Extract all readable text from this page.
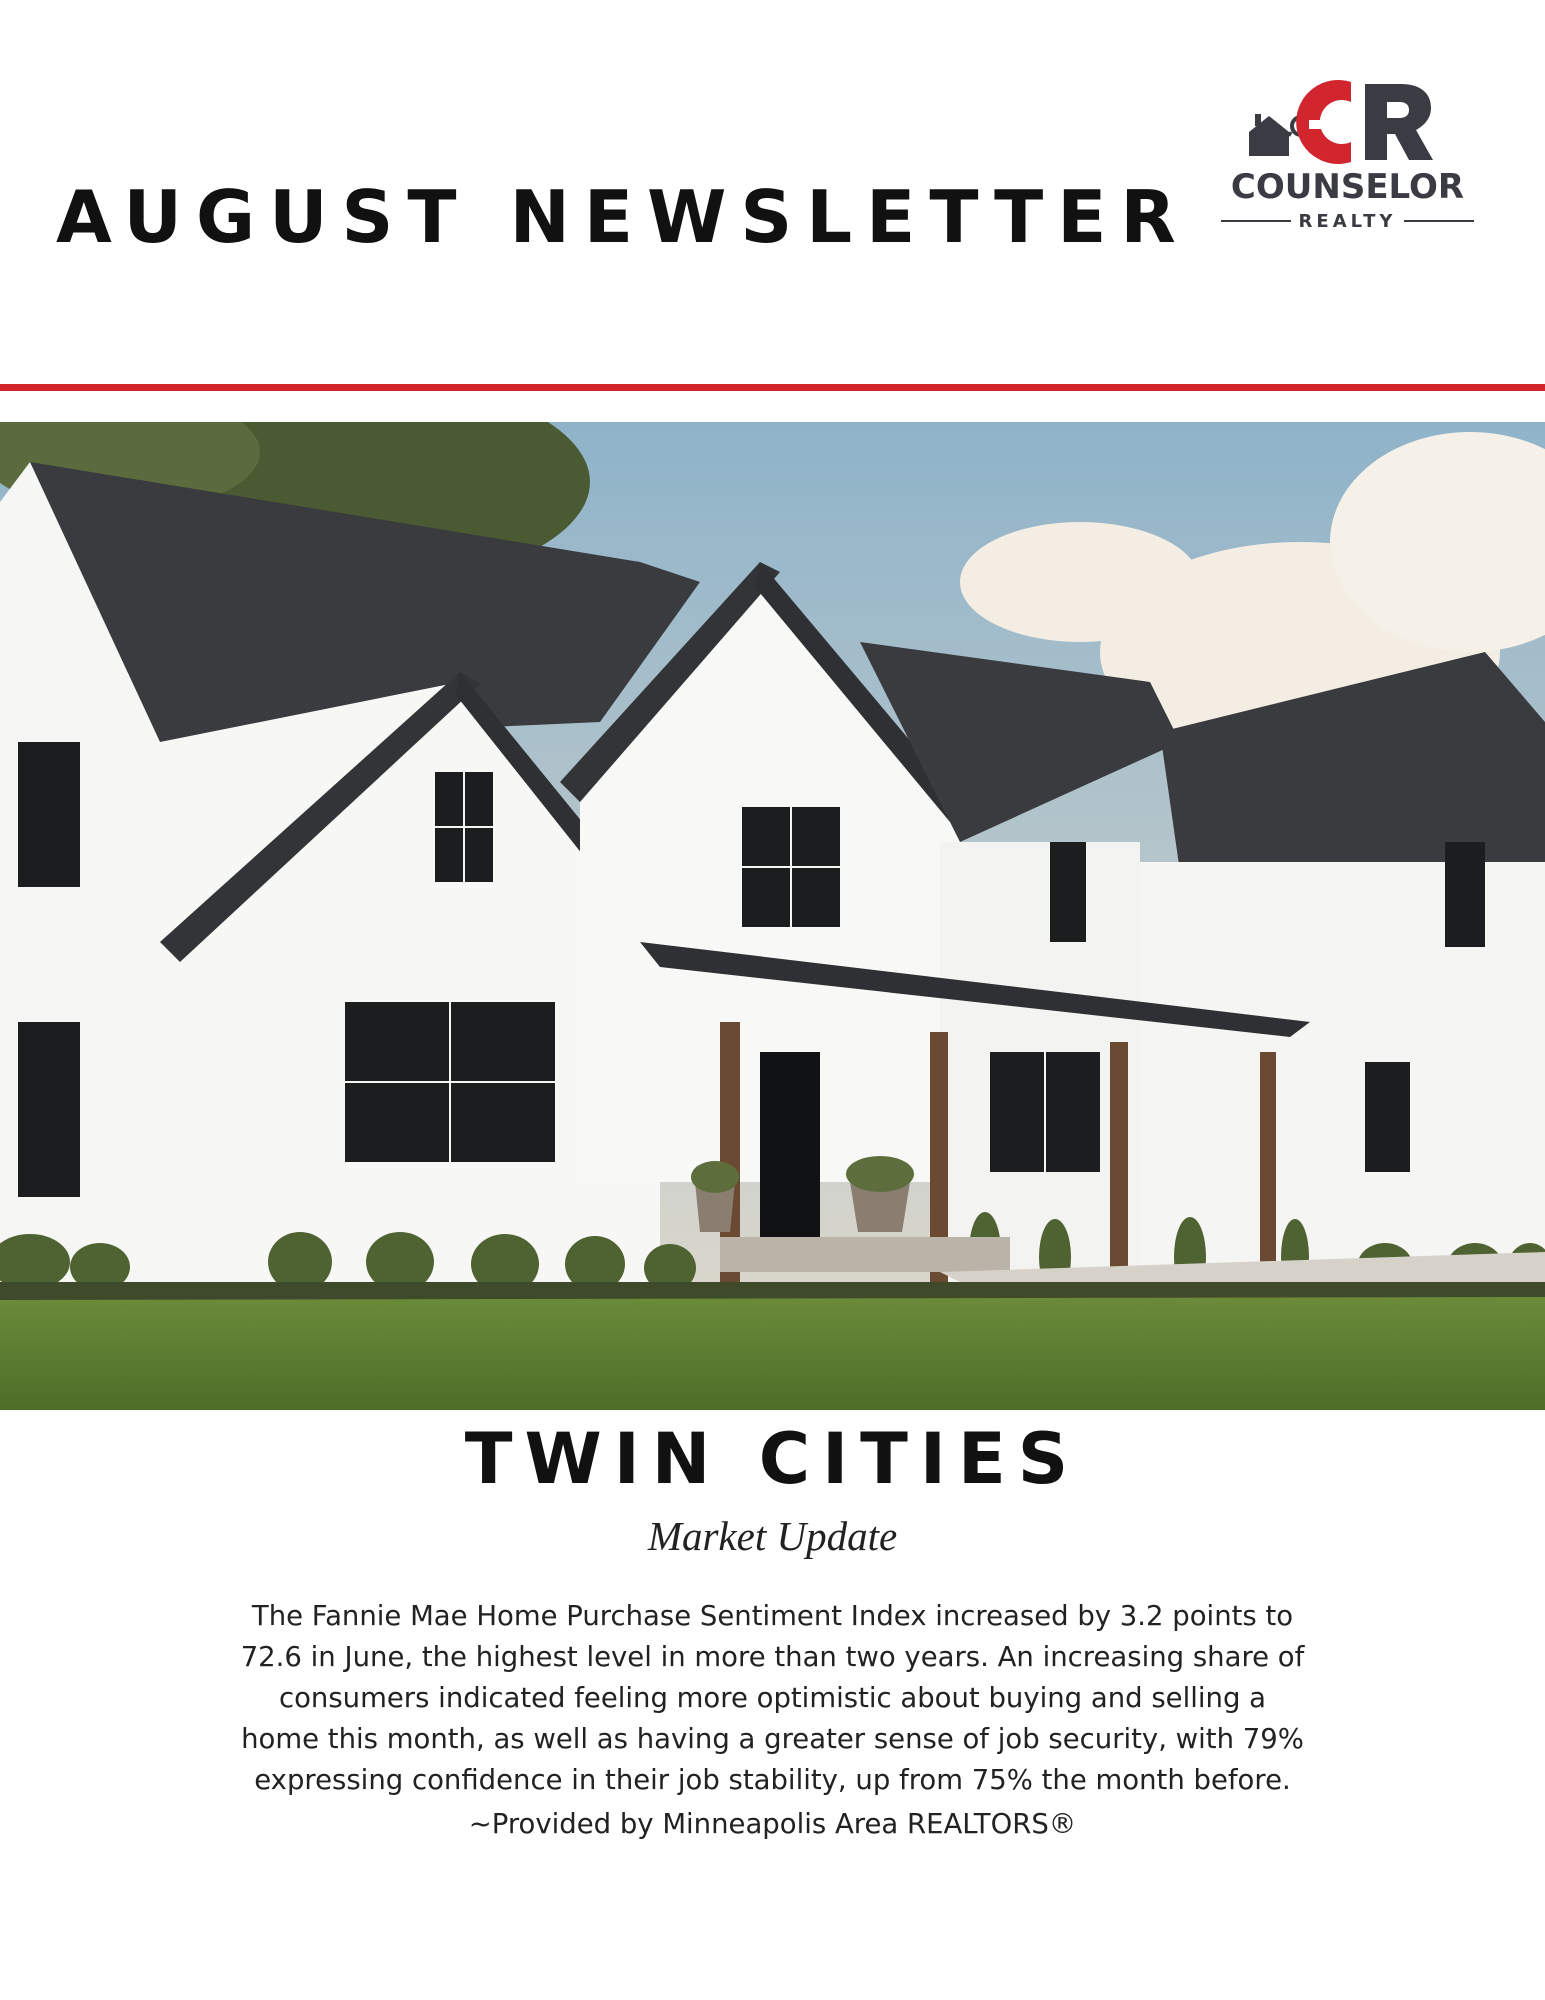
AUGUST NEWSLETTER	COUNSELOR
REALTY
TWIN CITIES
Market Update

The Fannie Mae Home Purchase Sentiment Index increased by 3.2 points to 72.6 in June, the highest level in more than two years. An increasing share of consumers indicated feeling more optimistic about buying and selling a home this month, as well as having a greater sense of job security, with 79% expressing confidence in their job stability, up from 75% the month before.

~Provided by Minneapolis Area REALTORS®
